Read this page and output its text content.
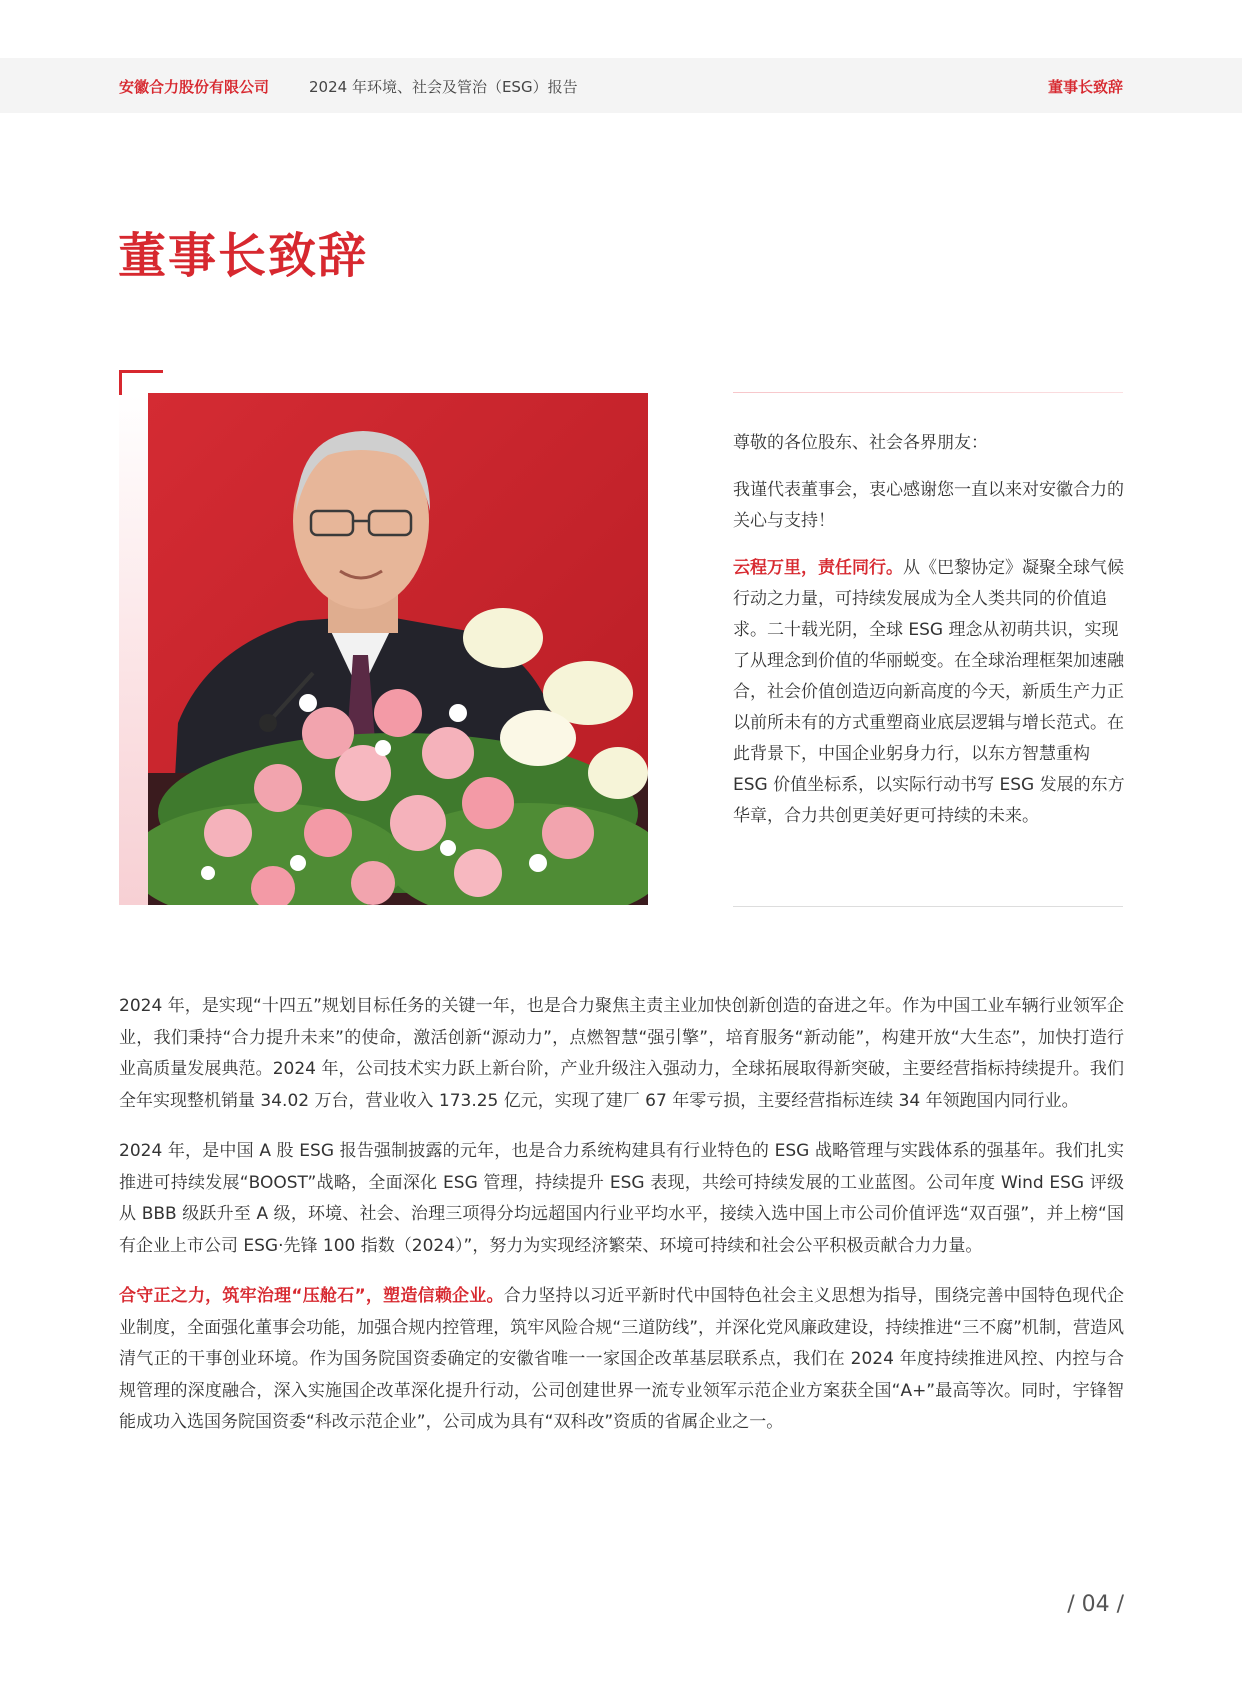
安徽合力股份有限公司	2024 年环境、社会及管治（ESG）报告	董事长致辞
董事长致辞

尊敬的各位股东、社会各界朋友：

我谨代表董事会，衷心感谢您一直以来对安徽合力的关心与支持！

云程万里，责任同行。从《巴黎协定》凝聚全球气候行动之力量，可持续发展成为全人类共同的价值追求。二十载光阴，全球 ESG 理念从初萌共识，实现了从理念到价值的华丽蜕变。在全球治理框架加速融合，社会价值创造迈向新高度的今天，新质生产力正以前所未有的方式重塑商业底层逻辑与增长范式。在此背景下，中国企业躬身力行，以东方智慧重构 ESG 价值坐标系，以实际行动书写 ESG 发展的东方华章，合力共创更美好更可持续的未来。

2024 年，是实现“十四五”规划目标任务的关键一年，也是合力聚焦主责主业加快创新创造的奋进之年。作为中国工业车辆行业领军企业，我们秉持“合力提升未来”的使命，激活创新“源动力”，点燃智慧“强引擎”，培育服务“新动能”，构建开放“大生态”，加快打造行业高质量发展典范。2024 年，公司技术实力跃上新台阶，产业升级注入强动力，全球拓展取得新突破，主要经营指标持续提升。我们全年实现整机销量 34.02 万台，营业收入 173.25 亿元，实现了建厂 67 年零亏损，主要经营指标连续 34 年领跑国内同行业。

2024 年，是中国 A 股 ESG 报告强制披露的元年，也是合力系统构建具有行业特色的 ESG 战略管理与实践体系的强基年。我们扎实推进可持续发展“BOOST”战略，全面深化 ESG 管理，持续提升 ESG 表现，共绘可持续发展的工业蓝图。公司年度 Wind ESG 评级从 BBB 级跃升至 A 级，环境、社会、治理三项得分均远超国内行业平均水平，接续入选中国上市公司价值评选“双百强”，并上榜“国有企业上市公司 ESG·先锋 100 指数（2024）”，努力为实现经济繁荣、环境可持续和社会公平积极贡献合力力量。

合守正之力，筑牢治理“压舱石”，塑造信赖企业。合力坚持以习近平新时代中国特色社会主义思想为指导，围绕完善中国特色现代企业制度，全面强化董事会功能，加强合规内控管理，筑牢风险合规“三道防线”，并深化党风廉政建设，持续推进“三不腐”机制，营造风清气正的干事创业环境。作为国务院国资委确定的安徽省唯一一家国企改革基层联系点，我们在 2024 年度持续推进风控、内控与合规管理的深度融合，深入实施国企改革深化提升行动，公司创建世界一流专业领军示范企业方案获全国“A+”最高等次。同时，宇锋智能成功入选国务院国资委“科改示范企业”，公司成为具有“双科改”资质的省属企业之一。

/ 04 /
